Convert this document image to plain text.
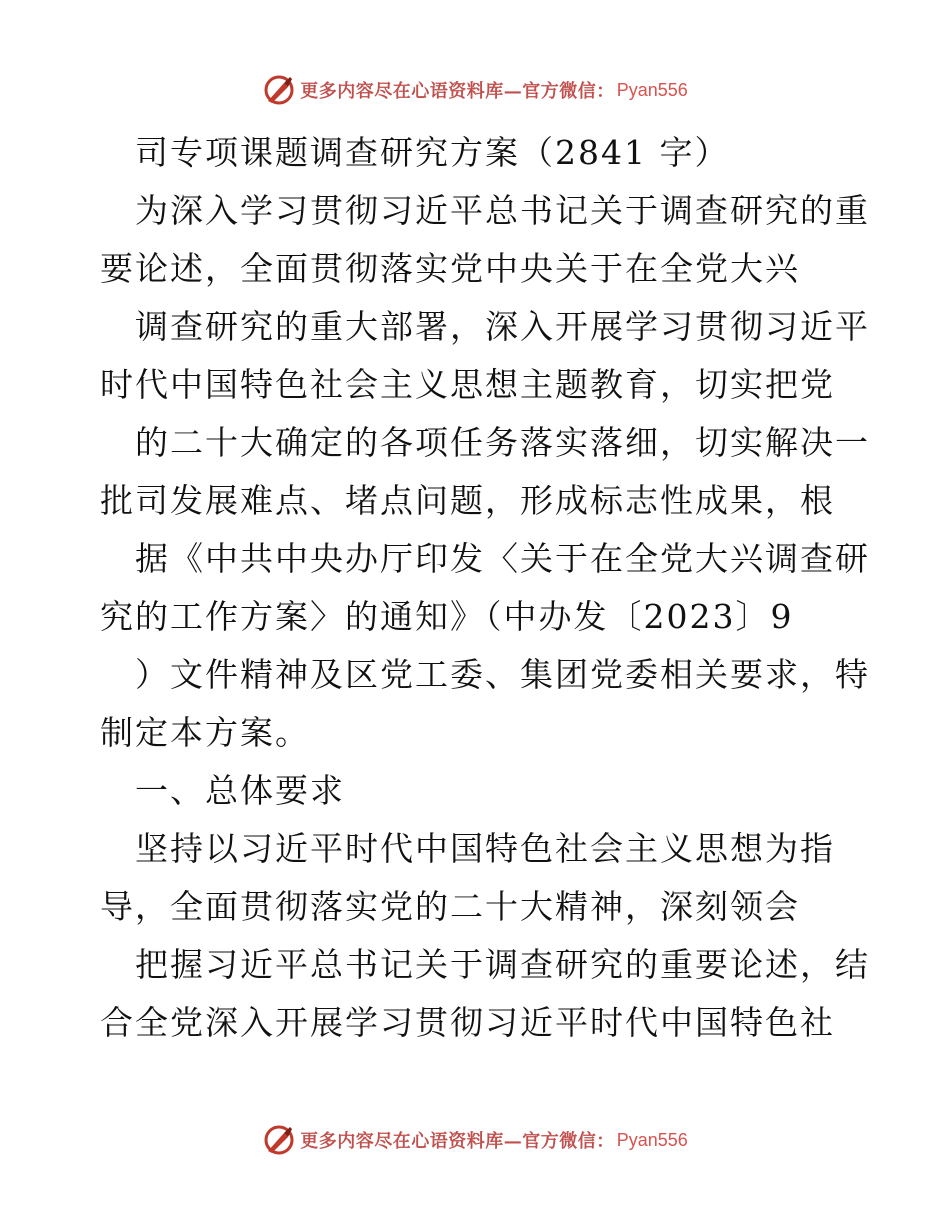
更多内容尽在心语资料库—官方微信： Pyan556
司专项课题调查研究方案（2841 字）
为深入学习贯彻习近平总书记关于调查研究的重
要论述，全面贯彻落实党中央关于在全党大兴
调查研究的重大部署，深入开展学习贯彻习近平
时代中国特色社会主义思想主题教育，切实把党
的二十大确定的各项任务落实落细，切实解决一
批司发展难点、堵点问题，形成标志性成果，根
据《中共中央办厅印发〈关于在全党大兴调查研
究的工作方案〉的通知》（中办发〔2023〕9
）文件精神及区党工委、集团党委相关要求，特
制定本方案。
一、总体要求
坚持以习近平时代中国特色社会主义思想为指
导，全面贯彻落实党的二十大精神，深刻领会
把握习近平总书记关于调查研究的重要论述，结
合全党深入开展学习贯彻习近平时代中国特色社
更多内容尽在心语资料库—官方微信： Pyan556
